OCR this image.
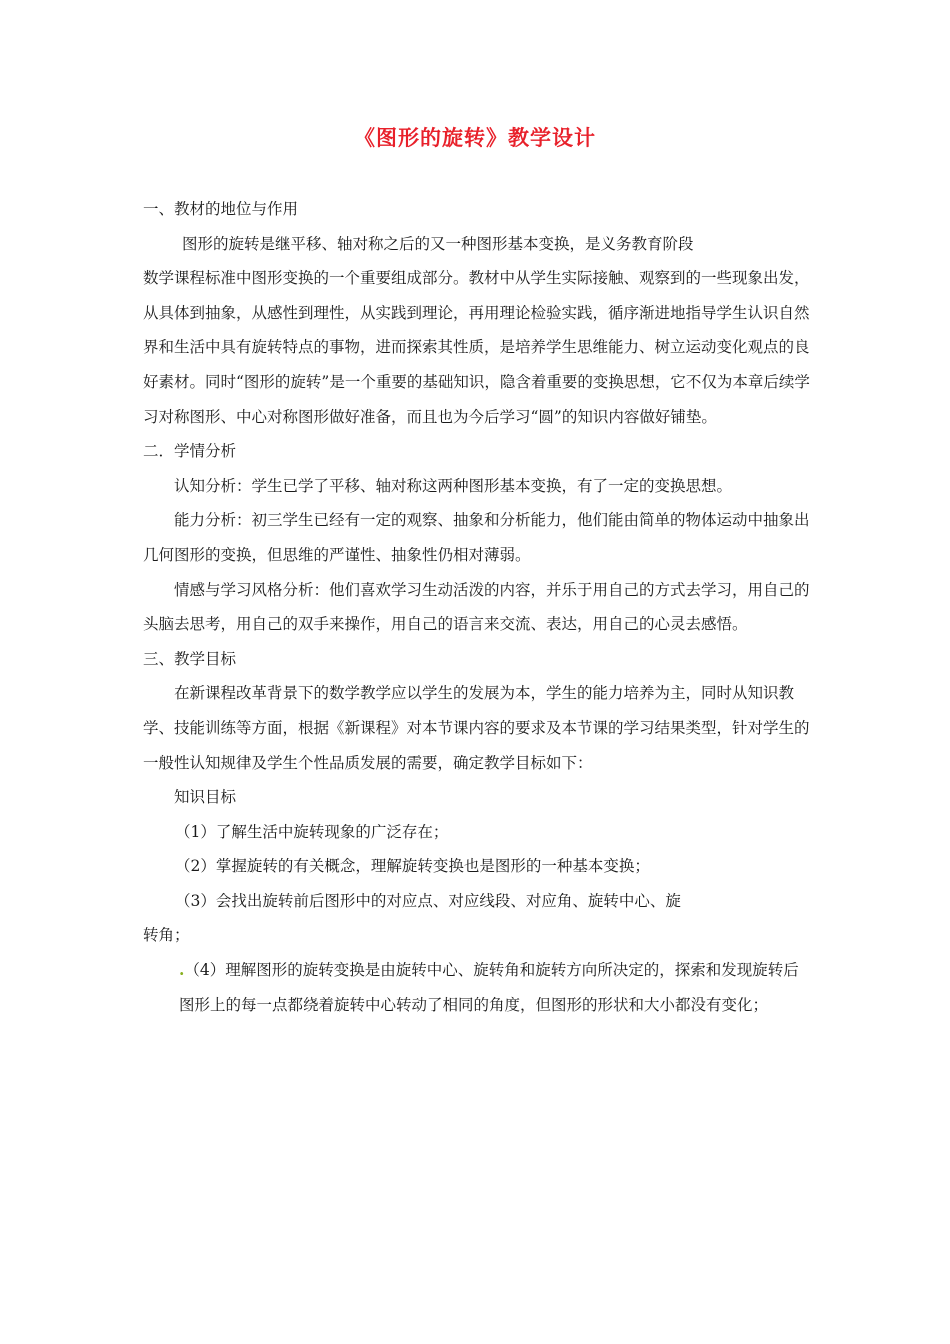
《图形的旋转》教学设计

一、教材的地位与作用

图形的旋转是继平移、轴对称之后的又一种图形基本变换，是义务教育阶段

数学课程标准中图形变换的一个重要组成部分。教材中从学生实际接触、观察到的一些现象出发，从具体到抽象，从感性到理性，从实践到理论，再用理论检验实践，循序渐进地指导学生认识自然界和生活中具有旋转特点的事物，进而探索其性质，是培养学生思维能力、树立运动变化观点的良好素材。同时“图形的旋转”是一个重要的基础知识，隐含着重要的变换思想，它不仅为本章后续学习对称图形、中心对称图形做好准备，而且也为今后学习“圆”的知识内容做好铺垫。

二．学情分析

认知分析：学生已学了平移、轴对称这两种图形基本变换，有了一定的变换思想。

能力分析：初三学生已经有一定的观察、抽象和分析能力，他们能由简单的物体运动中抽象出几何图形的变换，但思维的严谨性、抽象性仍相对薄弱。

情感与学习风格分析：他们喜欢学习生动活泼的内容，并乐于用自己的方式去学习，用自己的头脑去思考，用自己的双手来操作，用自己的语言来交流、表达，用自己的心灵去感悟。

三、教学目标

在新课程改革背景下的数学教学应以学生的发展为本，学生的能力培养为主，同时从知识教学、技能训练等方面，根据《新课程》对本节课内容的要求及本节课的学习结果类型，针对学生的一般性认知规律及学生个性品质发展的需要，确定教学目标如下：

知识目标

（1）了解生活中旋转现象的广泛存在；

（2）掌握旋转的有关概念，理解旋转变换也是图形的一种基本变换；

（3）会找出旋转前后图形中的对应点、对应线段、对应角、旋转中心、旋

转角；

.（4）理解图形的旋转变换是由旋转中心、旋转角和旋转方向所决定的，探索和发现旋转后图形上的每一点都绕着旋转中心转动了相同的角度，但图形的形状和大小都没有变化；
